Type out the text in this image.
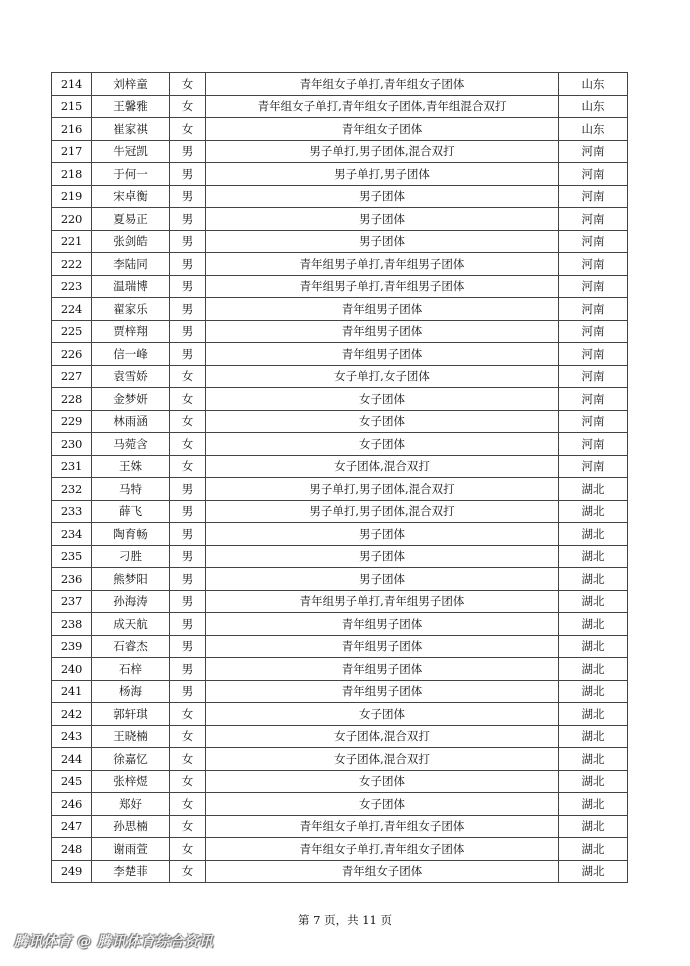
214	刘梓童	女	青年组女子单打,青年组女子团体	山东
215	王馨雅	女	青年组女子单打,青年组女子团体,青年组混合双打	山东
216	崔家祺	女	青年组女子团体	山东
217	牛冠凯	男	男子单打,男子团体,混合双打	河南
218	于何一	男	男子单打,男子团体	河南
219	宋卓衡	男	男子团体	河南
220	夏易正	男	男子团体	河南
221	张剑皓	男	男子团体	河南
222	李陆同	男	青年组男子单打,青年组男子团体	河南
223	温瑞博	男	青年组男子单打,青年组男子团体	河南
224	翟家乐	男	青年组男子团体	河南
225	贾梓翔	男	青年组男子团体	河南
226	信一峰	男	青年组男子团体	河南
227	袁雪娇	女	女子单打,女子团体	河南
228	金梦妍	女	女子团体	河南
229	林雨涵	女	女子团体	河南
230	马菀含	女	女子团体	河南
231	王姝	女	女子团体,混合双打	河南
232	马特	男	男子单打,男子团体,混合双打	湖北
233	薛飞	男	男子单打,男子团体,混合双打	湖北
234	陶育畅	男	男子团体	湖北
235	刁胜	男	男子团体	湖北
236	熊梦阳	男	男子团体	湖北
237	孙海涛	男	青年组男子单打,青年组男子团体	湖北
238	成天航	男	青年组男子团体	湖北
239	石睿杰	男	青年组男子团体	湖北
240	石梓	男	青年组男子团体	湖北
241	杨海	男	青年组男子团体	湖北
242	郭轩琪	女	女子团体	湖北
243	王晓楠	女	女子团体,混合双打	湖北
244	徐嘉忆	女	女子团体,混合双打	湖北
245	张梓煜	女	女子团体	湖北
246	郑好	女	女子团体	湖北
247	孙思楠	女	青年组女子单打,青年组女子团体	湖北
248	谢雨萱	女	青年组女子单打,青年组女子团体	湖北
249	李楚菲	女	青年组女子团体	湖北
第 7 页，共 11 页
腾讯体育 @ 腾讯体育综合资讯
